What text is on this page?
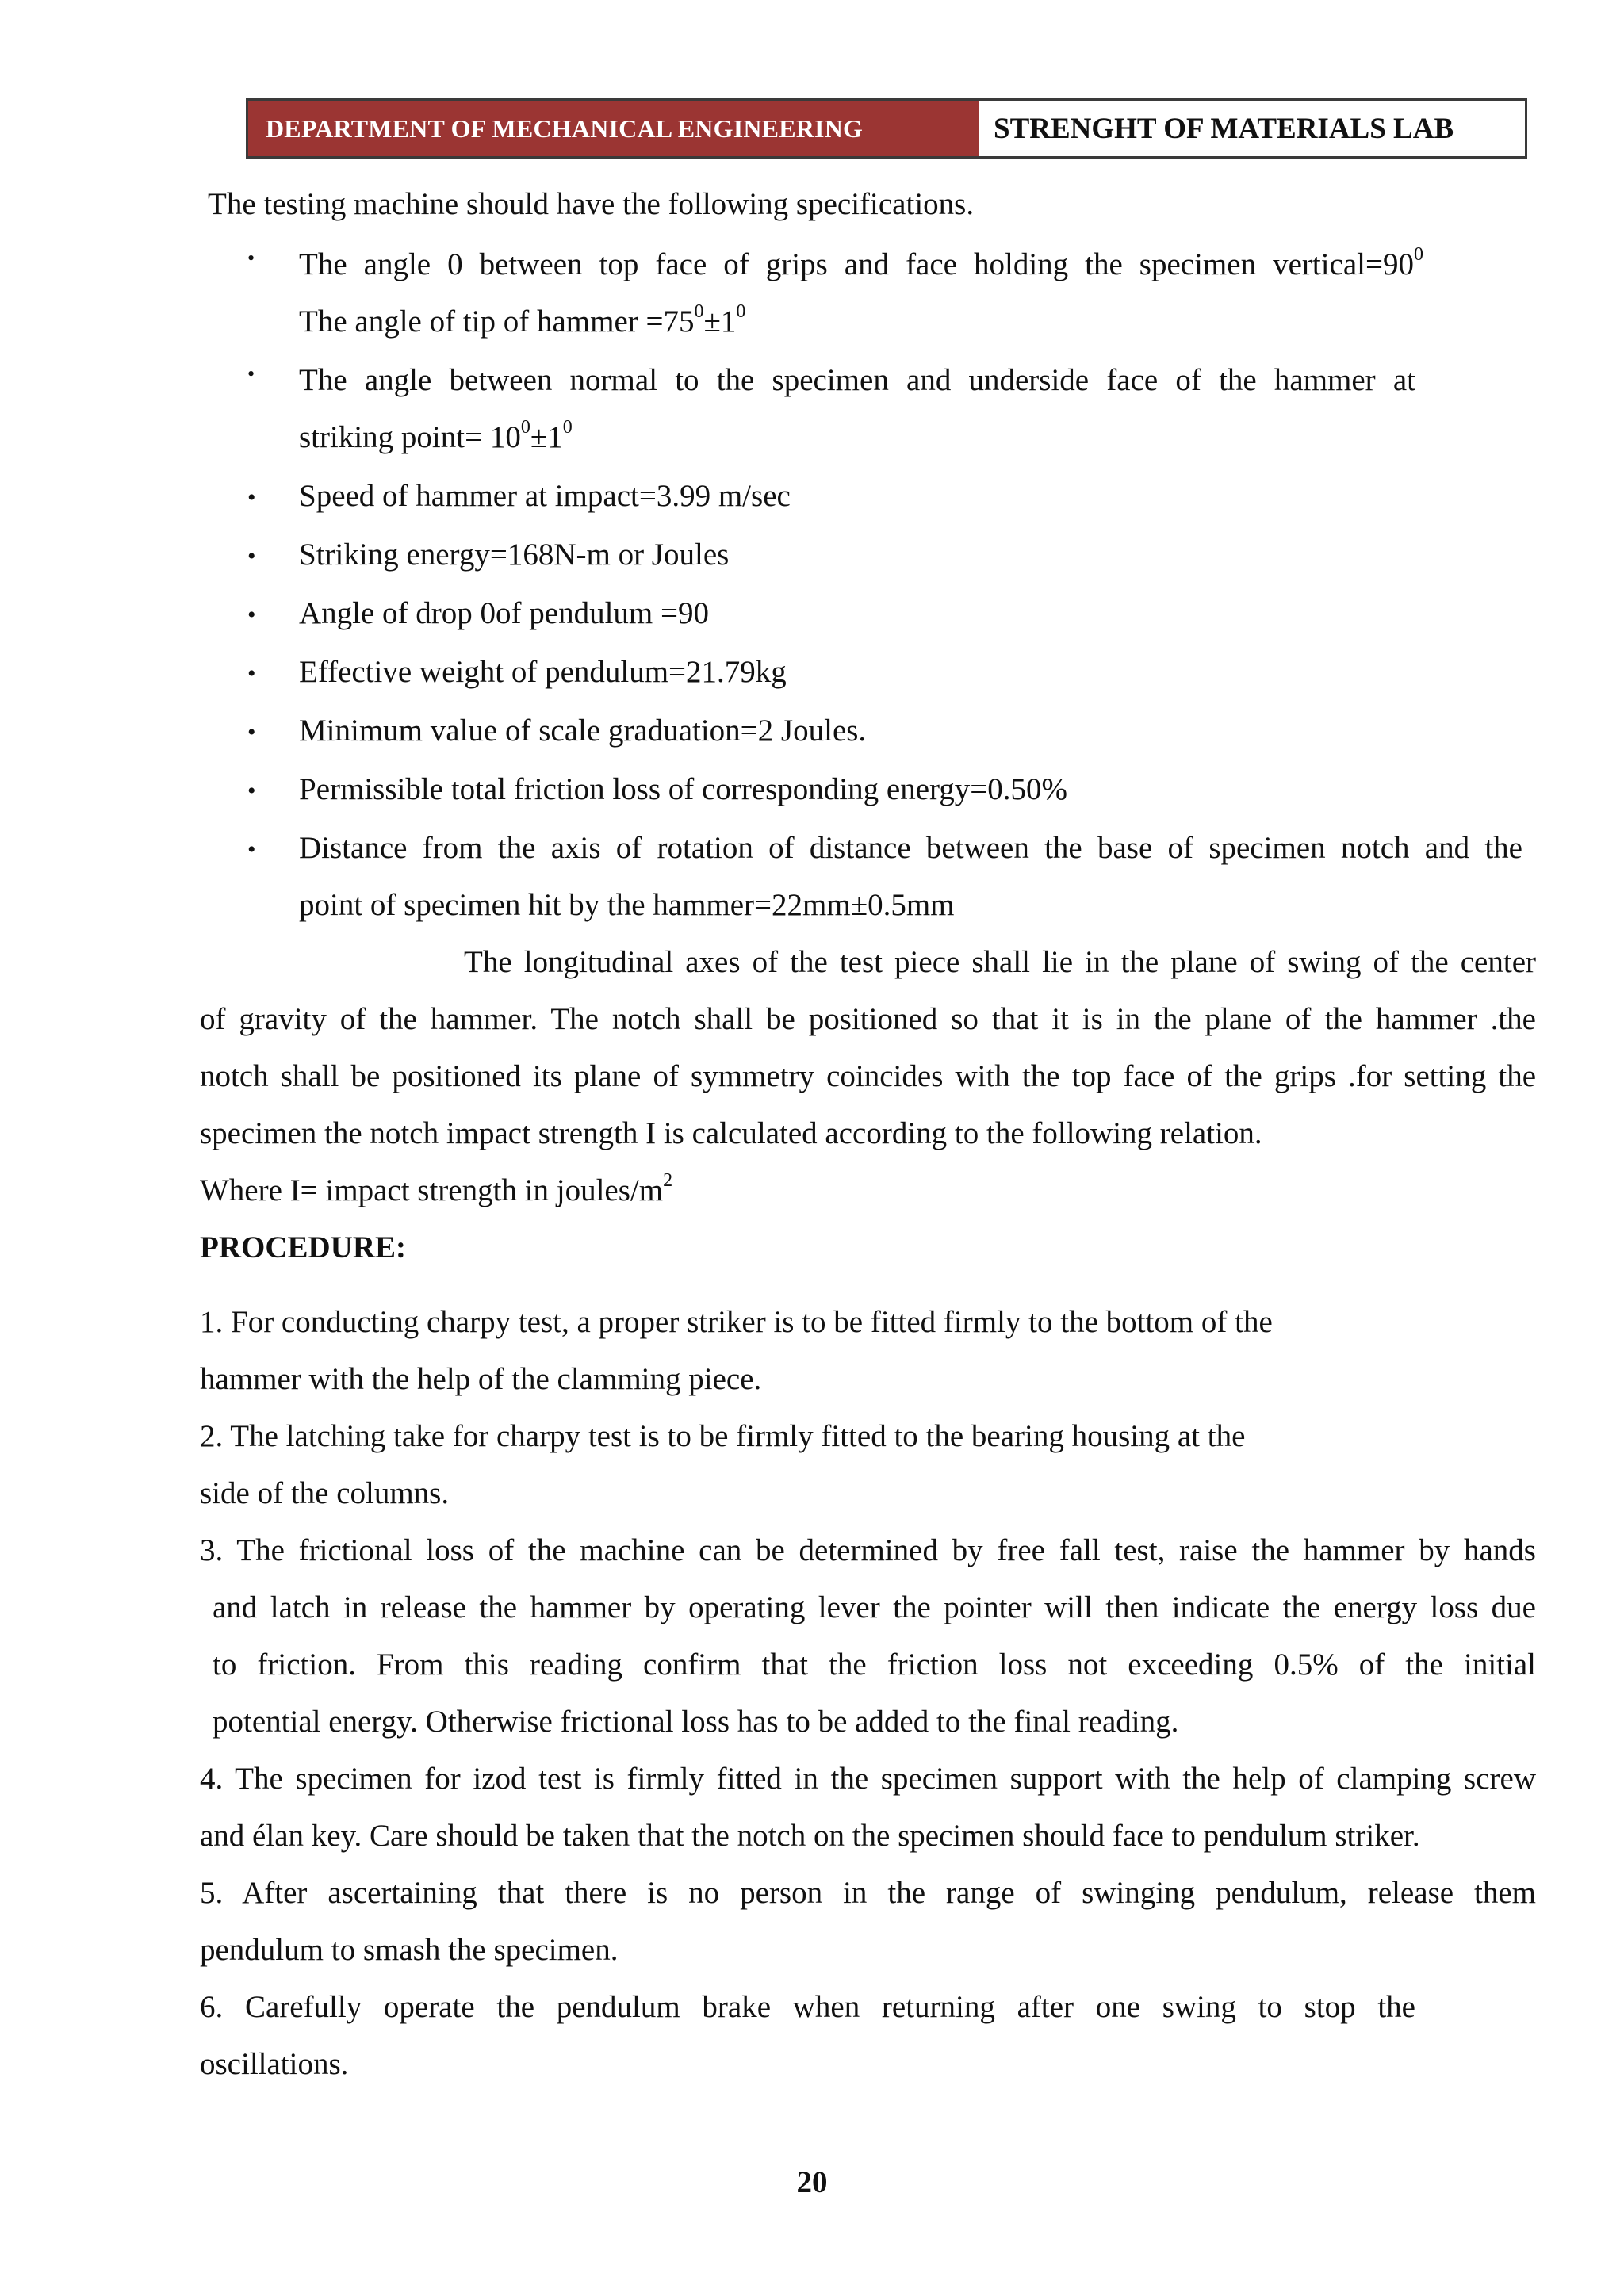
DEPARTMENT OF MECHANICAL ENGINEERING	STRENGHT OF MATERIALS LAB
The testing machine should have the following specifications.
• The angle 0 between top face of grips and face holding the specimen $vertical=90^0$
The angle of tip of hammer $=75^0\pm 1^0$
• The angle between normal to the specimen and underside face of the hammer at
striking point= $10^0\pm 1^0$
• Speed of hammer at impact=3.99 m/sec
• Striking energy=168N-m or Joules
• Angle of drop 0of pendulum =90
• Effective weight of pendulum=21.79kg
• Minimum value of scale graduation=2 Joules.
• Permissible total friction loss of corresponding energy=0.50%
• Distance from the axis of rotation of distance between the base of specimen notch and the
point of specimen hit by the hammer=22mm±0.5mm
The longitudinal axes of the test piece shall lie in the plane of swing of the center
of gravity of the hammer. The notch shall be positioned so that it is in the plane of the hammer .the
notch shall be positioned its plane of symmetry coincides with the top face of the grips .for setting the
specimen the notch impact strength I is calculated according to the following relation.
Where I= impact strength in joules/$m^2$
PROCEDURE:
1. For conducting charpy test, a proper striker is to be fitted firmly to the bottom of the
hammer with the help of the clamming piece.
2. The latching take for charpy test is to be firmly fitted to the bearing housing at the
side of the columns.
3. The frictional loss of the machine can be determined by free fall test, raise the hammer by hands
and latch in release the hammer by operating lever the pointer will then indicate the energy loss due
to friction. From this reading confirm that the friction loss not exceeding 0.5% of the initial
potential energy. Otherwise frictional loss has to be added to the final reading.
4. The specimen for izod test is firmly fitted in the specimen support with the help of clamping screw
and élan key. Care should be taken that the notch on the specimen should face to pendulum striker.
5. After ascertaining that there is no person in the range of swinging pendulum, release them
pendulum to smash the specimen.
6. Carefully operate the pendulum brake when returning after one swing to stop the
oscillations.
20
